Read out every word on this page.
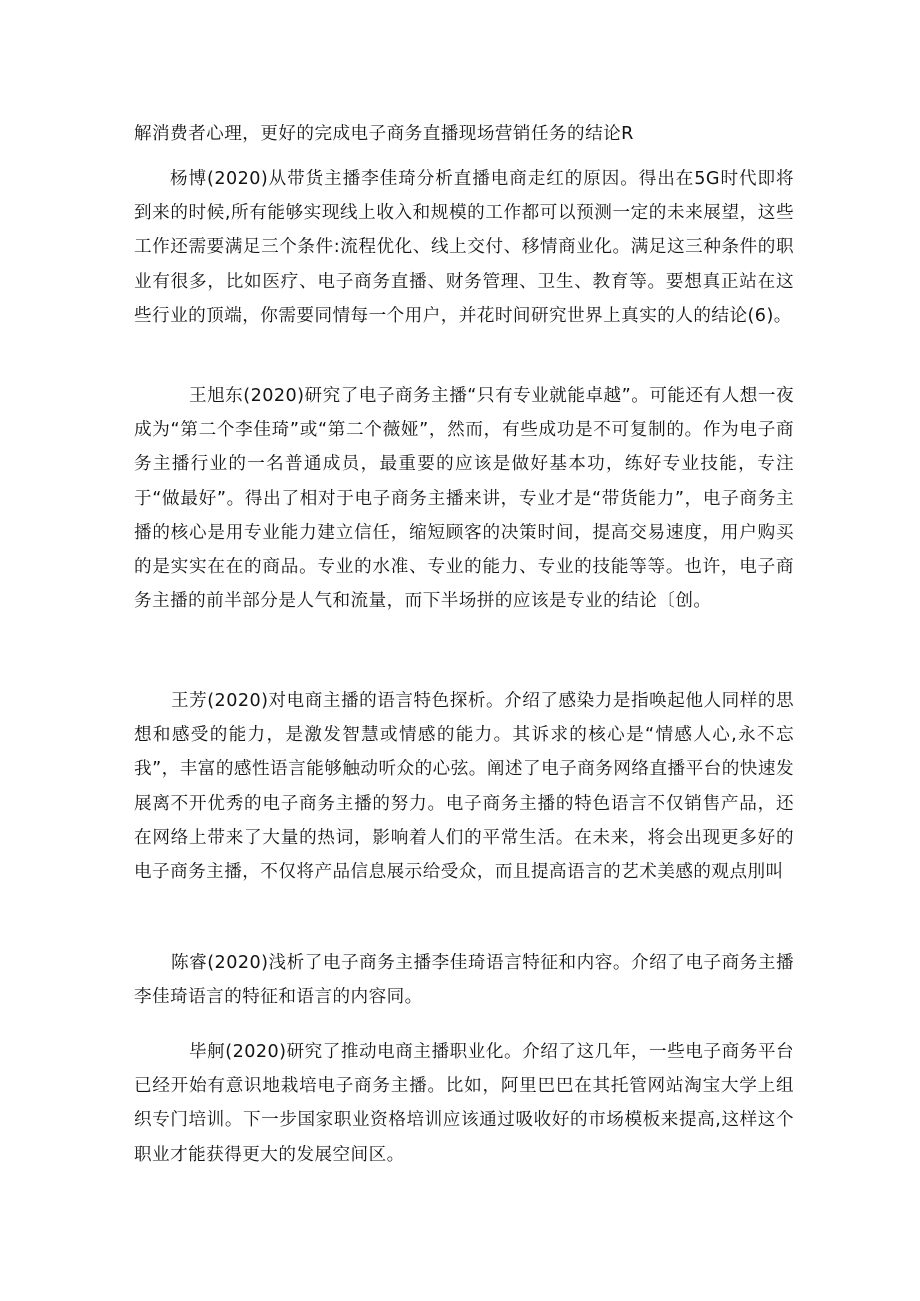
解消费者心理，更好的完成电子商务直播现场营销任务的结论R

杨博(2020)从带货主播李佳琦分析直播电商走红的原因。得出在5G时代即将到来的时候,所有能够实现线上收入和规模的工作都可以预测一定的未来展望，这些工作还需要满足三个条件:流程优化、线上交付、移情商业化。满足这三种条件的职业有很多，比如医疗、电子商务直播、财务管理、卫生、教育等。要想真正站在这些行业的顶端，你需要同情每一个用户，并花时间研究世界上真实的人的结论(6)。

王旭东(2020)研究了电子商务主播“只有专业就能卓越”。可能还有人想一夜成为“第二个李佳琦”或“第二个薇娅”，然而，有些成功是不可复制的。作为电子商务主播行业的一名普通成员，最重要的应该是做好基本功，练好专业技能，专注于“做最好”。得出了相对于电子商务主播来讲，专业才是“带货能力”，电子商务主播的核心是用专业能力建立信任，缩短顾客的决策时间，提高交易速度，用户购买的是实实在在的商品。专业的水准、专业的能力、专业的技能等等。也许，电子商务主播的前半部分是人气和流量，而下半场拼的应该是专业的结论〔创。

王芳(2020)对电商主播的语言特色探析。介绍了感染力是指唤起他人同样的思想和感受的能力，是激发智慧或情感的能力。其诉求的核心是“情感人心,永不忘我”，丰富的感性语言能够触动听众的心弦。阐述了电子商务网络直播平台的快速发展离不开优秀的电子商务主播的努力。电子商务主播的特色语言不仅销售产品，还在网络上带来了大量的热词，影响着人们的平常生活。在未来，将会出现更多好的电子商务主播，不仅将产品信息展示给受众，而且提高语言的艺术美感的观点刖叫

陈睿(2020)浅析了电子商务主播李佳琦语言特征和内容。介绍了电子商务主播李佳琦语言的特征和语言的内容同。

毕舸(2020)研究了推动电商主播职业化。介绍了这几年，一些电子商务平台已经开始有意识地栽培电子商务主播。比如，阿里巴巴在其托管网站淘宝大学上组织专门培训。下一步国家职业资格培训应该通过吸收好的市场模板来提高,这样这个职业才能获得更大的发展空间区。
